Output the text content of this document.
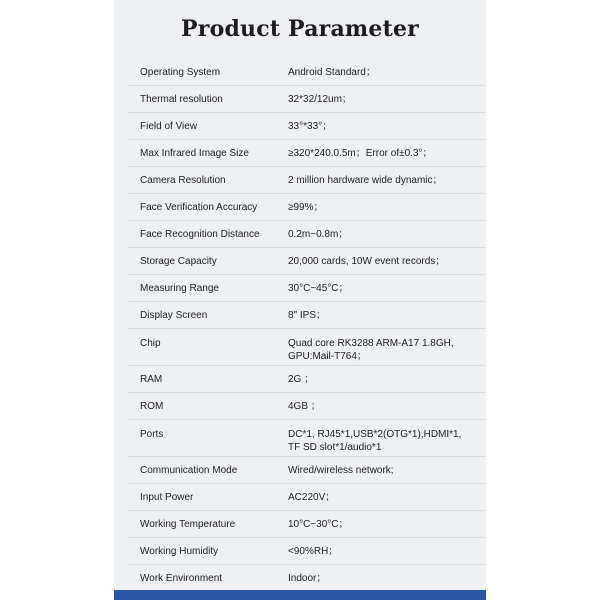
Product Parameter
Operating System	Android Standard；
Thermal resolution	32*32/12um；
Field of View	33°*33°；
Max Infrared Image Size	≥320*240.0.5m；Error of±0.3°；
Camera Resolution	2 million hardware wide dynamic；
Face Verification Accuracy	≥99%；
Face Recognition Distance	0.2m~0.8m；
Storage Capacity	20,000 cards, 10W event records；
Measuring Range	30°C~45°C；
Display Screen	8" IPS；
Chip	Quad core RK3288 ARM-A17 1.8GH,
GPU:Mail-T764；
RAM	2G ；
ROM	4GB ；
Ports	DC*1, RJ45*1,USB*2(OTG*1),HDMI*1,
TF SD slot*1/audio*1
Communication Mode	Wired/wireless network;
Input Power	AC220V；
Working Temperature	10°C~30°C；
Working Humidity	<90%RH；
Work Environment	Indoor；
